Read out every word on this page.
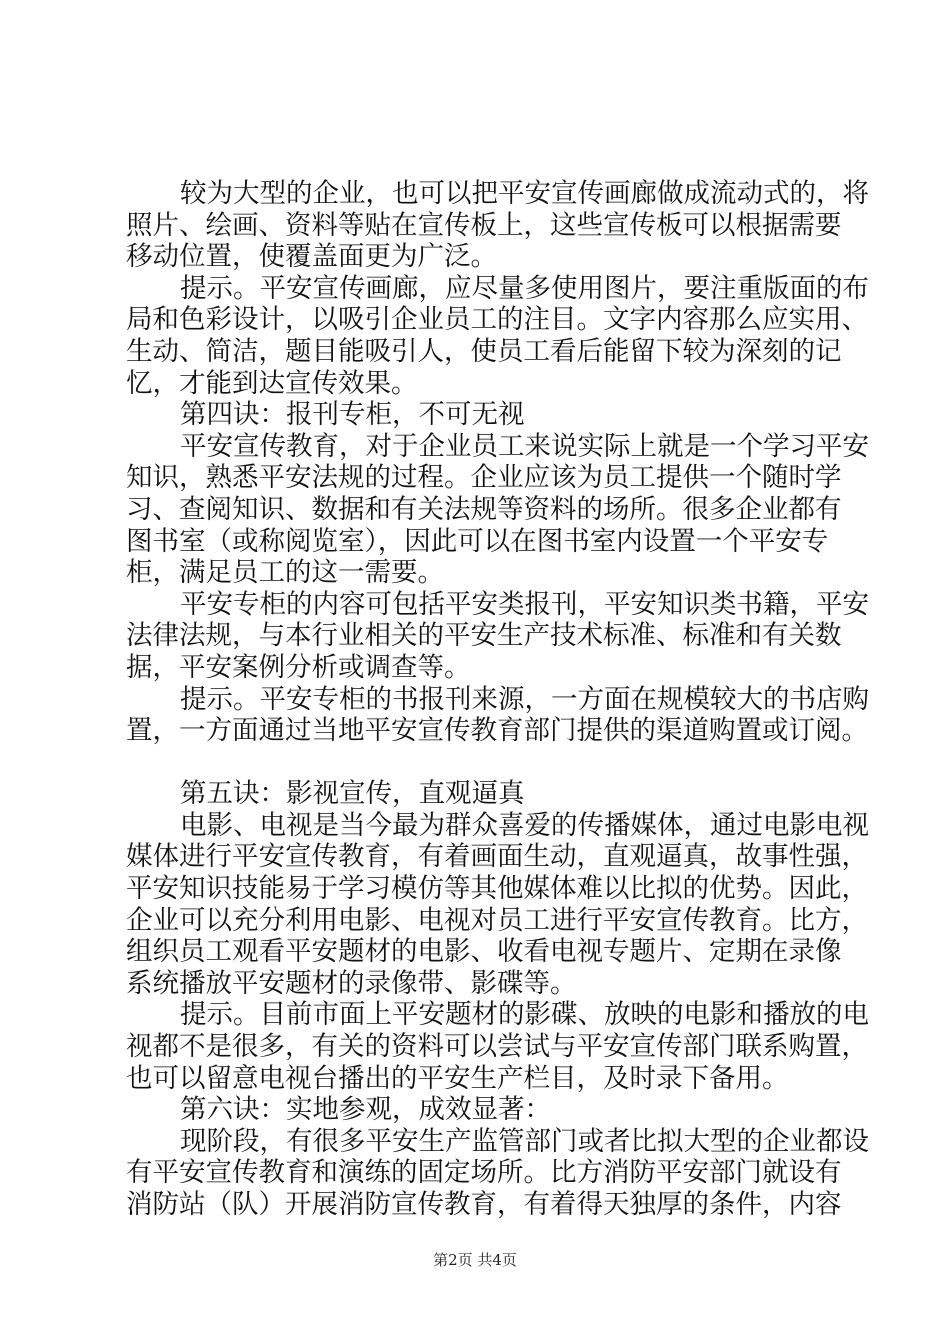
较为大型的企业，也可以把平安宣传画廊做成流动式的，将
照片、绘画、资料等贴在宣传板上，这些宣传板可以根据需要
移动位置，使覆盖面更为广泛。
提示。平安宣传画廊，应尽量多使用图片，要注重版面的布
局和色彩设计，以吸引企业员工的注目。文字内容那么应实用、
生动、简洁，题目能吸引人，使员工看后能留下较为深刻的记
忆，才能到达宣传效果。
第四诀：报刊专柜，不可无视
平安宣传教育，对于企业员工来说实际上就是一个学习平安
知识，熟悉平安法规的过程。企业应该为员工提供一个随时学
习、查阅知识、数据和有关法规等资料的场所。很多企业都有
图书室（或称阅览室），因此可以在图书室内设置一个平安专
柜，满足员工的这一需要。
平安专柜的内容可包括平安类报刊，平安知识类书籍，平安
法律法规，与本行业相关的平安生产技术标准、标准和有关数
据，平安案例分析或调查等。
提示。平安专柜的书报刊来源，一方面在规模较大的书店购
置，一方面通过当地平安宣传教育部门提供的渠道购置或订阅。
第五诀：影视宣传，直观逼真
电影、电视是当今最为群众喜爱的传播媒体，通过电影电视
媒体进行平安宣传教育，有着画面生动，直观逼真，故事性强，
平安知识技能易于学习模仿等其他媒体难以比拟的优势。因此，
企业可以充分利用电影、电视对员工进行平安宣传教育。比方，
组织员工观看平安题材的电影、收看电视专题片、定期在录像
系统播放平安题材的录像带、影碟等。
提示。目前市面上平安题材的影碟、放映的电影和播放的电
视都不是很多，有关的资料可以尝试与平安宣传部门联系购置，
也可以留意电视台播出的平安生产栏目，及时录下备用。
第六诀：实地参观，成效显著：
现阶段，有很多平安生产监管部门或者比拟大型的企业都设
有平安宣传教育和演练的固定场所。比方消防平安部门就设有
消防站（队）开展消防宣传教育，有着得天独厚的条件，内容
第2页 共4页
